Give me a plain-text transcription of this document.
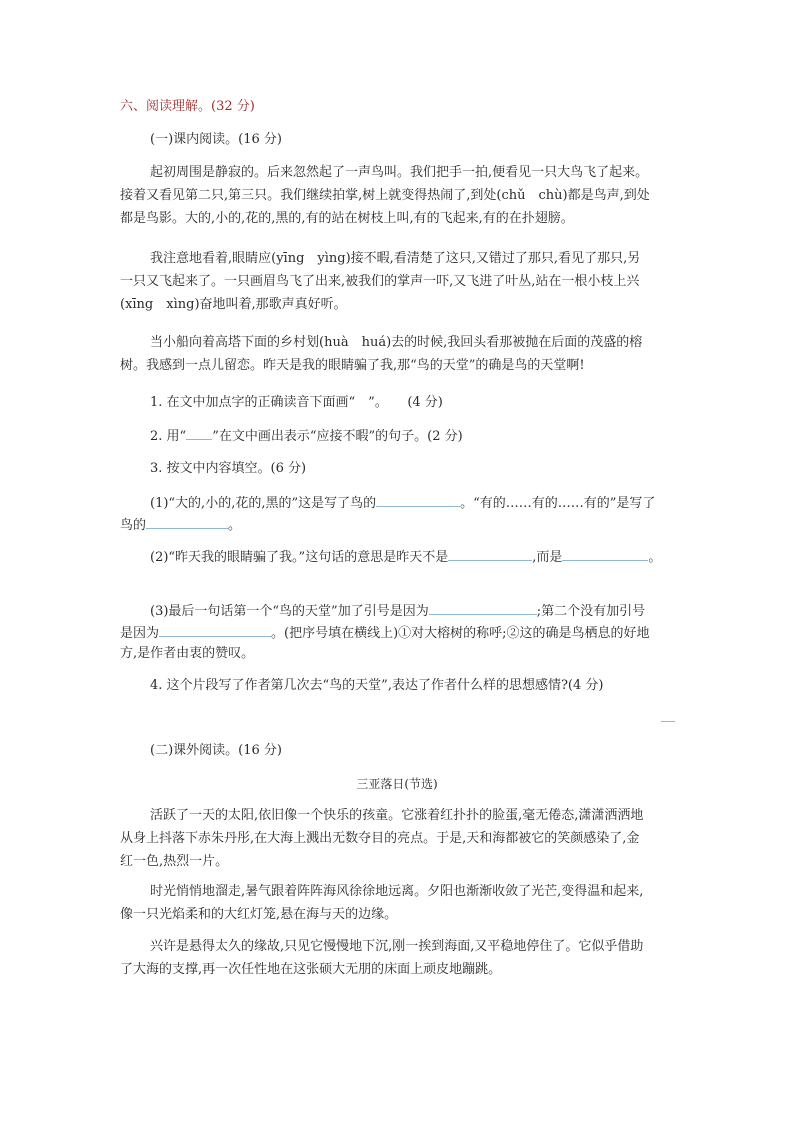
六、阅读理解。(32 分)
(一)课内阅读。(16 分)
起初周围是静寂的。后来忽然起了一声鸟叫。我们把手一拍,便看见一只大鸟飞了起来。
接着又看见第二只,第三只。我们继续拍掌,树上就变得热闹了,到处(chǔ　chù)都是鸟声,到处
都是鸟影。大的,小的,花的,黑的,有的站在树枝上叫,有的飞起来,有的在扑翅膀。
我注意地看着,眼睛应(yīng　yìng)接不暇,看清楚了这只,又错过了那只,看见了那只,另
一只又飞起来了。一只画眉鸟飞了出来,被我们的掌声一吓,又飞进了叶丛,站在一根小枝上兴
(xīng　xìng)奋地叫着,那歌声真好听。
当小船向着高塔下面的乡村划(huà　huá)去的时候,我回头看那被抛在后面的茂盛的榕
树。我感到一点儿留恋。昨天是我的眼睛骗了我,那“鸟的天堂”的确是鸟的天堂啊!
1. 在文中加点字的正确读音下面画“　”。　　(4 分)
2. 用“ ”在文中画出表示“应接不暇”的句子。(2 分)
3. 按文中内容填空。(6 分)
(1)“大的,小的,花的,黑的”这是写了鸟的	。“有的……有的……有的”是写了
鸟的	。
(2)“昨天我的眼睛骗了我。”这句话的意思是昨天不是	,而是	。
(3)最后一句话第一个“鸟的天堂”加了引号是因为	;第二个没有加引号
是因为	。(把序号填在横线上)①对大榕树的称呼;②这的确是鸟栖息的好地
方,是作者由衷的赞叹。
4. 这个片段写了作者第几次去“鸟的天堂”,表达了作者什么样的思想感情?(4 分)
(二)课外阅读。(16 分)
三亚落日(节选)
活跃了一天的太阳,依旧像一个快乐的孩童。它涨着红扑扑的脸蛋,毫无倦态,潇潇洒洒地
从身上抖落下赤朱丹彤,在大海上溅出无数夺目的亮点。于是,天和海都被它的笑颜感染了,金
红一色,热烈一片。
时光悄悄地溜走,暑气跟着阵阵海风徐徐地远离。夕阳也渐渐收敛了光芒,变得温和起来,
像一只光焰柔和的大红灯笼,悬在海与天的边缘。
兴许是悬得太久的缘故,只见它慢慢地下沉,刚一挨到海面,又平稳地停住了。它似乎借助
了大海的支撑,再一次任性地在这张硕大无朋的床面上顽皮地蹦跳。
